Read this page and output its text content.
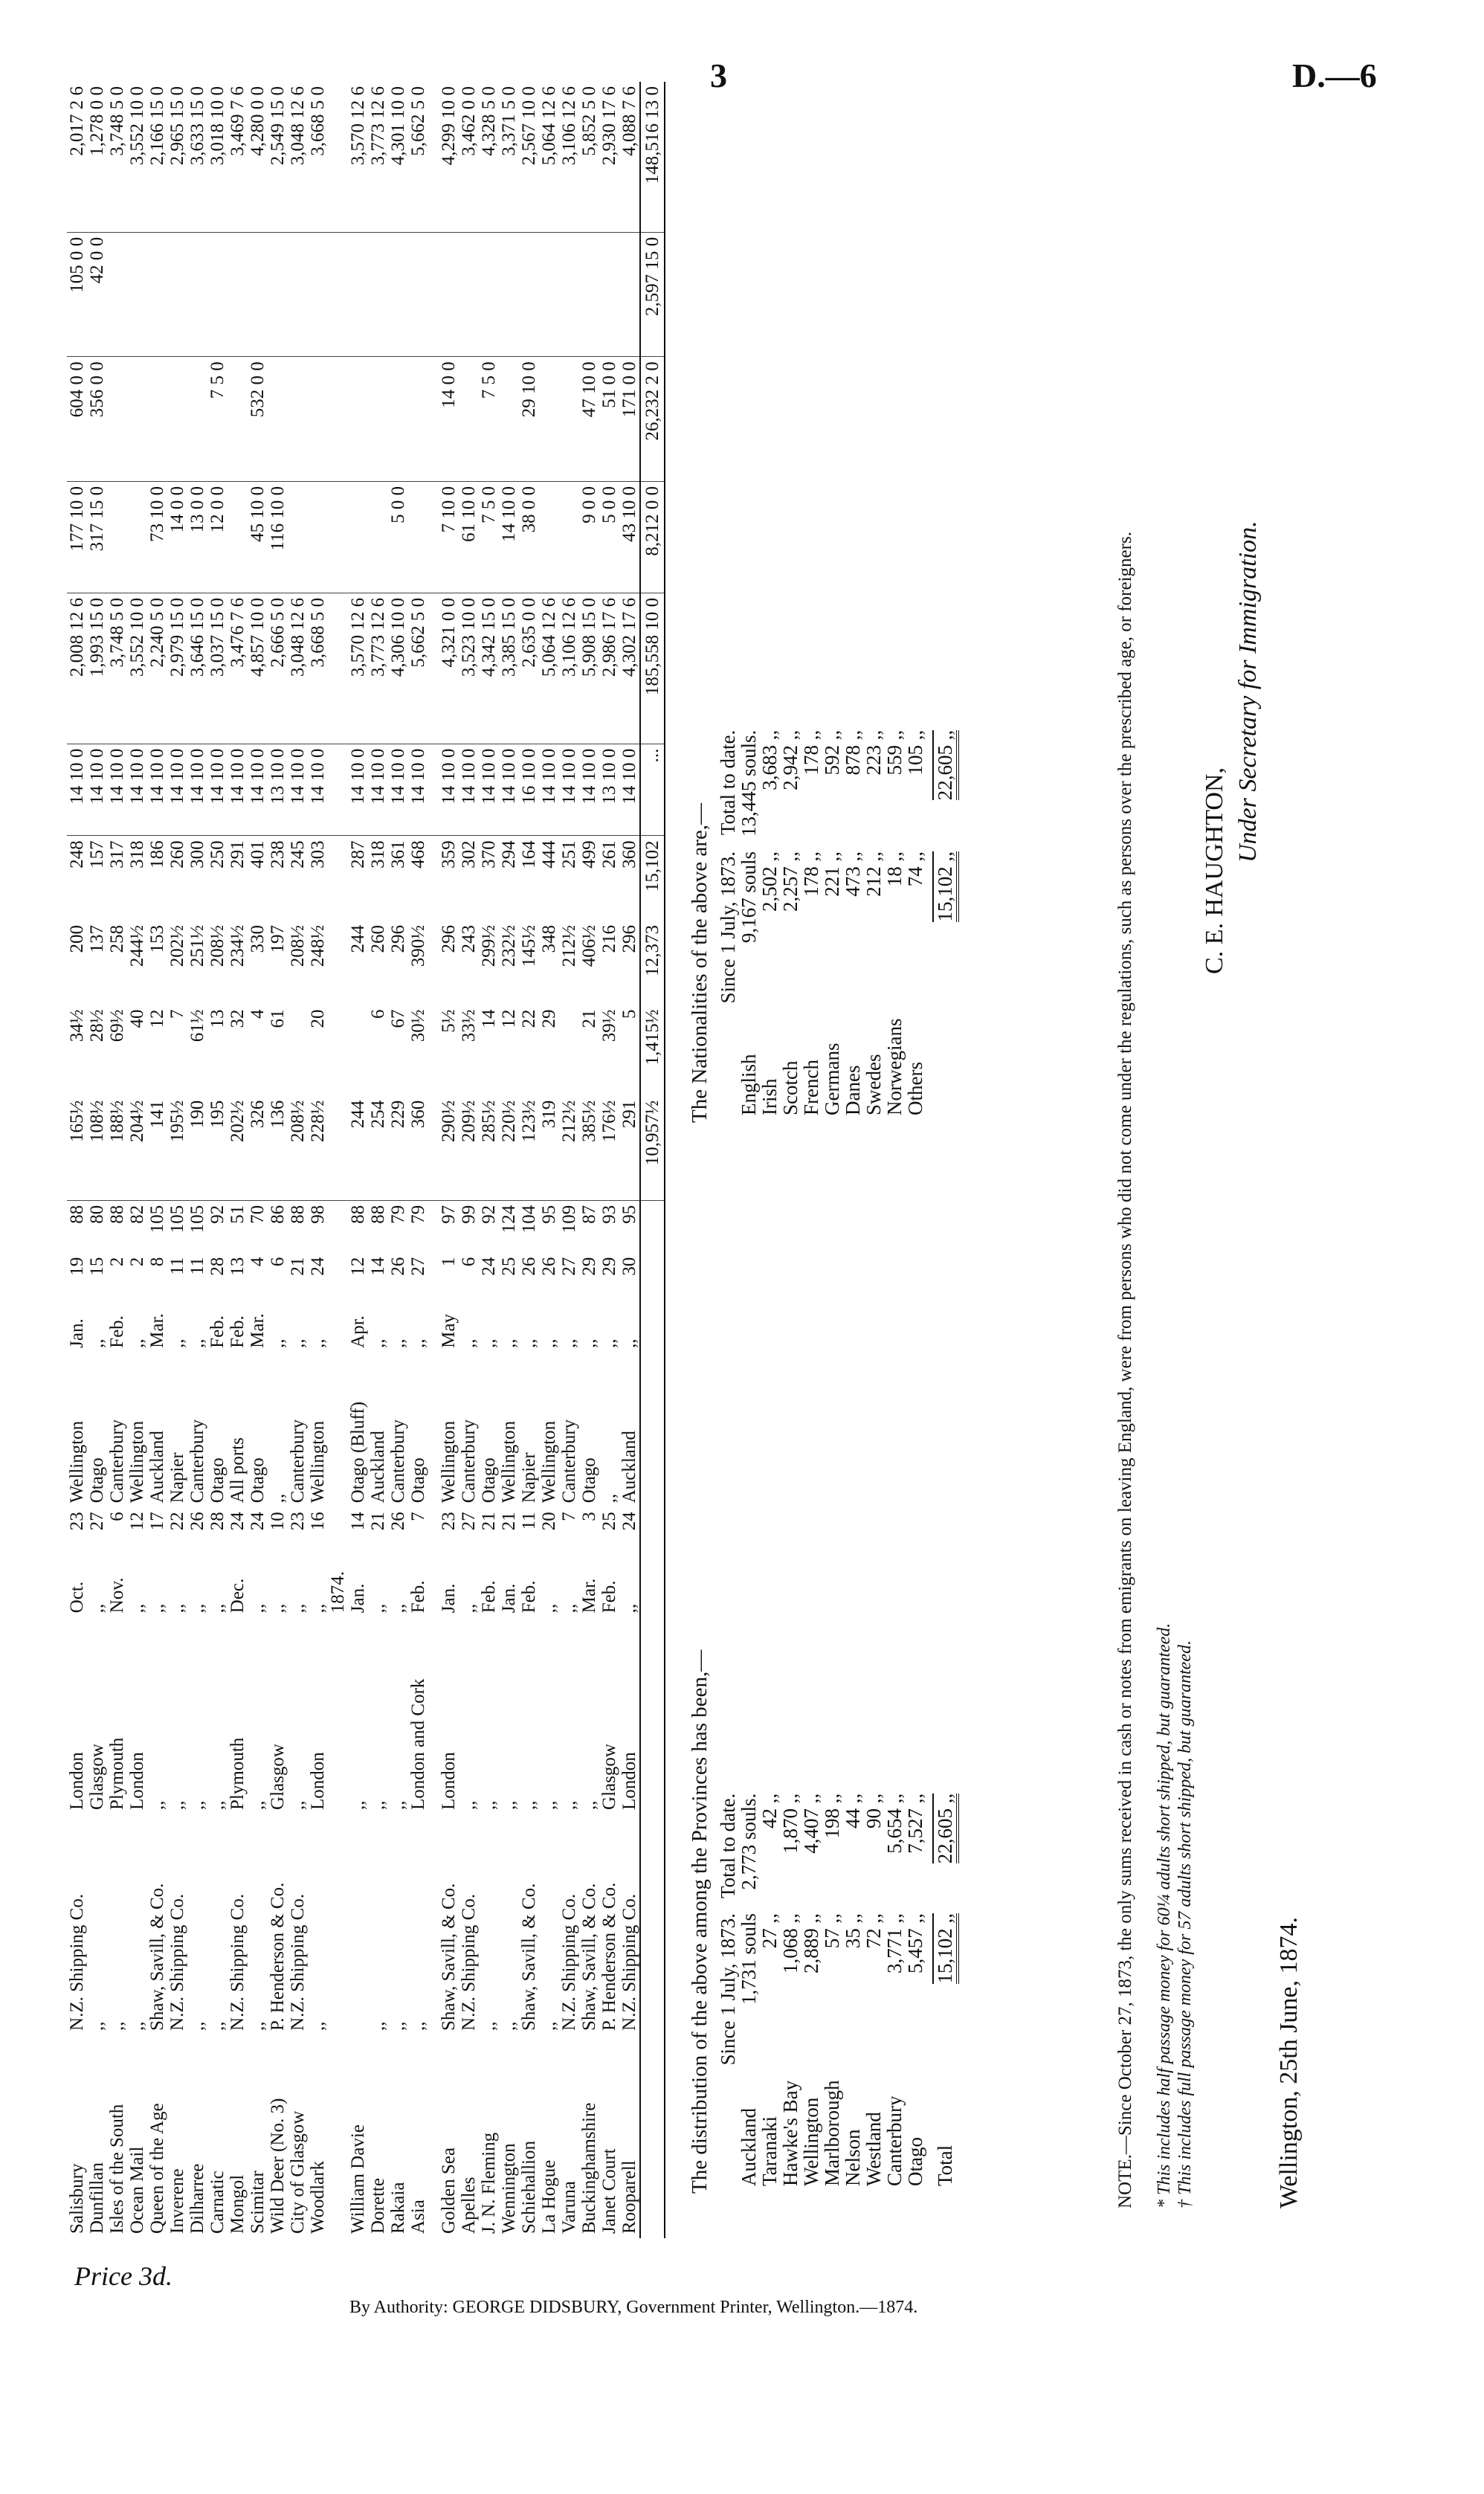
3	D.—6
Salisbury	N.Z. Shipping Co.	London	Oct.	23	Wellington	Jan.	19	88	165½	34½	200	248	14 10 0	2,008 12 6	177 10 0	604 0 0	105 0 0	2,017 2 6
Dunfillan	,,	Glasgow	,,	27	Otago	,,	15	80	108½	28½	137	157	14 10 0	1,993 15 0	317 15 0	356 0 0	42 0 0	1,278 0 0
Isles of the South	,,	Plymouth	Nov.	6	Canterbury	Feb.	2	88	188½	69½	258	317	14 10 0	3,748 5 0				3,748 5 0
Ocean Mail	,,	London	,,	12	Wellington	,,	2	82	204½	40	244½	318	14 10 0	3,552 10 0				3,552 10 0
Queen of the Age	Shaw, Savill, & Co.	,,	,,	17	Auckland	Mar.	8	105	141	12	153	186	14 10 0	2,240 5 0	73 10 0			2,166 15 0
Inverene	N.Z. Shipping Co.	,,	,,	22	Napier	,,	11	105	195½	7	202½	260	14 10 0	2,979 15 0	14 0 0			2,965 15 0
Dilharree	,,	,,	,,	26	Canterbury	,,	11	105	190	61½	251½	300	14 10 0	3,646 15 0	13 0 0			3,633 15 0
Carnatic	,,	,,	,,	28	Otago	Feb.	28	92	195	13	208½	250	14 10 0	3,037 15 0	12 0 0	7 5 0		3,018 10 0
Mongol	N.Z. Shipping Co.	Plymouth	Dec.	24	All ports	Feb.	13	51	202½	32	234½	291	14 10 0	3,476 7 6				3,469 7 6
Scimitar	,,	,,	,,	24	Otago	Mar.	4	70	326	4	330	401	14 10 0	4,857 10 0	45 10 0	532 0 0		4,280 0 0
Wild Deer (No. 3)	P. Henderson & Co.	Glasgow	,,	10	,,	,,	6	86	136	61	197	238	13 10 0	2,666 5 0	116 10 0			2,549 15 0
City of Glasgow	N.Z. Shipping Co.	,,	,,	23	Canterbury	,,	21	88	208½		208½	245	14 10 0	3,048 12 6				3,048 12 6
Woodlark	,,	London	,,	16	Wellington	,,	24	98	228½	20	248½	303	14 10 0	3,668 5 0				3,668 5 0
			1874.															
William Davie		,,	Jan.	14	Otago (Bluff)	Apr.	12	88	244		244	287	14 10 0	3,570 12 6				3,570 12 6
Dorette	,,	,,	,,	21	Auckland	,,	14	88	254	6	260	318	14 10 0	3,773 12 6				3,773 12 6
Rakaia	,,	,,	,,	26	Canterbury	,,	26	79	229	67	296	361	14 10 0	4,306 10 0	5 0 0			4,301 10 0
Asia	,,	London and Cork	Feb.	7	Otago	,,	27	79	360	30½	390½	468	14 10 0	5,662 5 0				5,662 5 0

Golden Sea	Shaw, Savill, & Co.	London	Jan.	23	Wellington	May	1	97	290½	5½	296	359	14 10 0	4,321 0 0	7 10 0	14 0 0		4,299 10 0
Apelles	N.Z. Shipping Co.	,,	,,	27	Canterbury	,,	6	99	209½	33½	243	302	14 10 0	3,523 10 0	61 10 0			3,462 0 0
J. N. Fleming	,,	,,	Feb.	21	Otago	,,	24	92	285½	14	299½	370	14 10 0	4,342 15 0	7 5 0	7 5 0		4,328 5 0
Wennington	,,	,,	Jan.	21	Wellington	,,	25	124	220½	12	232½	294	14 10 0	3,385 15 0	14 10 0			3,371 5 0
Schiehallion	Shaw, Savill, & Co.	,,	Feb.	11	Napier	,,	26	104	123½	22	145½	164	16 10 0	2,635 0 0	38 0 0	29 10 0		2,567 10 0
La Hogue	,,	,,	,,	20	Wellington	,,	26	95	319	29	348	444	14 10 0	5,064 12 6				5,064 12 6
Varuna	N.Z. Shipping Co.	,,	,,	7	Canterbury	,,	27	109	212½		212½	251	14 10 0	3,106 12 6				3,106 12 6
Buckinghamshire	Shaw, Savill, & Co.	,,	Mar.	3	Otago	,,	29	87	385½	21	406½	499	14 10 0	5,908 15 0	9 0 0	47 10 0		5,852 5 0
Janet Court	P. Henderson & Co.	Glasgow	Feb.	25	,,	,,	29	93	176½	39½	216	261	13 10 0	2,986 17 6	5 0 0	51 0 0		2,930 17 6
Rooparell	N.Z. Shipping Co.	London	,,	24	Auckland	,,	30	95	291	5	296	360	14 10 0	4,302 17 6	43 10 0	171 0 0		4,088 7 6
									10,957½	1,415½	12,373	15,102	...	185,558 10 0	8,212 0 0	26,232 2 0	2,597 15 0	148,516 13 0
The distribution of the above among the Provinces has been,—
	Since 1 July, 1873.	Total to date.
Auckland	1,731 souls	2,773 souls.
Taranaki	27 ,,	42 ,,
Hawke's Bay	1,068 ,,	1,870 ,,
Wellington	2,889 ,,	4,407 ,,
Marlborough	57 ,,	198 ,,
Nelson	35 ,,	44 ,,
Westland	72 ,,	90 ,,
Canterbury	3,771 ,,	5,654 ,,
Otago	5,457 ,,	7,527 ,,
Total	15,102 ,,	22,605 ,,
The Nationalities of the above are,—
	Since 1 July, 1873.	Total to date.
English	9,167 souls	13,445 souls.
Irish	2,502 ,,	3,683 ,,
Scotch	2,257 ,,	2,942 ,,
French	178 ,,	178 ,,
Germans	221 ,,	592 ,,
Danes	473 ,,	878 ,,
Swedes	212 ,,	223 ,,
Norwegians	18 ,,	559 ,,
Others	74 ,,	105 ,,
	15,102 ,,	22,605 ,,	NOTE.—Since October 27, 1873, the only sums received in cash or notes from emigrants on leaving England, were from persons who did not come under the regulations, such as persons over the prescribed age, or foreigners. * This includes half passage money for 60¼ adults short shipped, but guaranteed. † This includes full passage money for 57 adults short shipped, but guaranteed.
C. E. HAUGHTON,
Under Secretary for Immigration.
Wellington, 25th June, 1874.
Price 3d.
By Authority: GEORGE DIDSBURY, Government Printer, Wellington.—1874.
